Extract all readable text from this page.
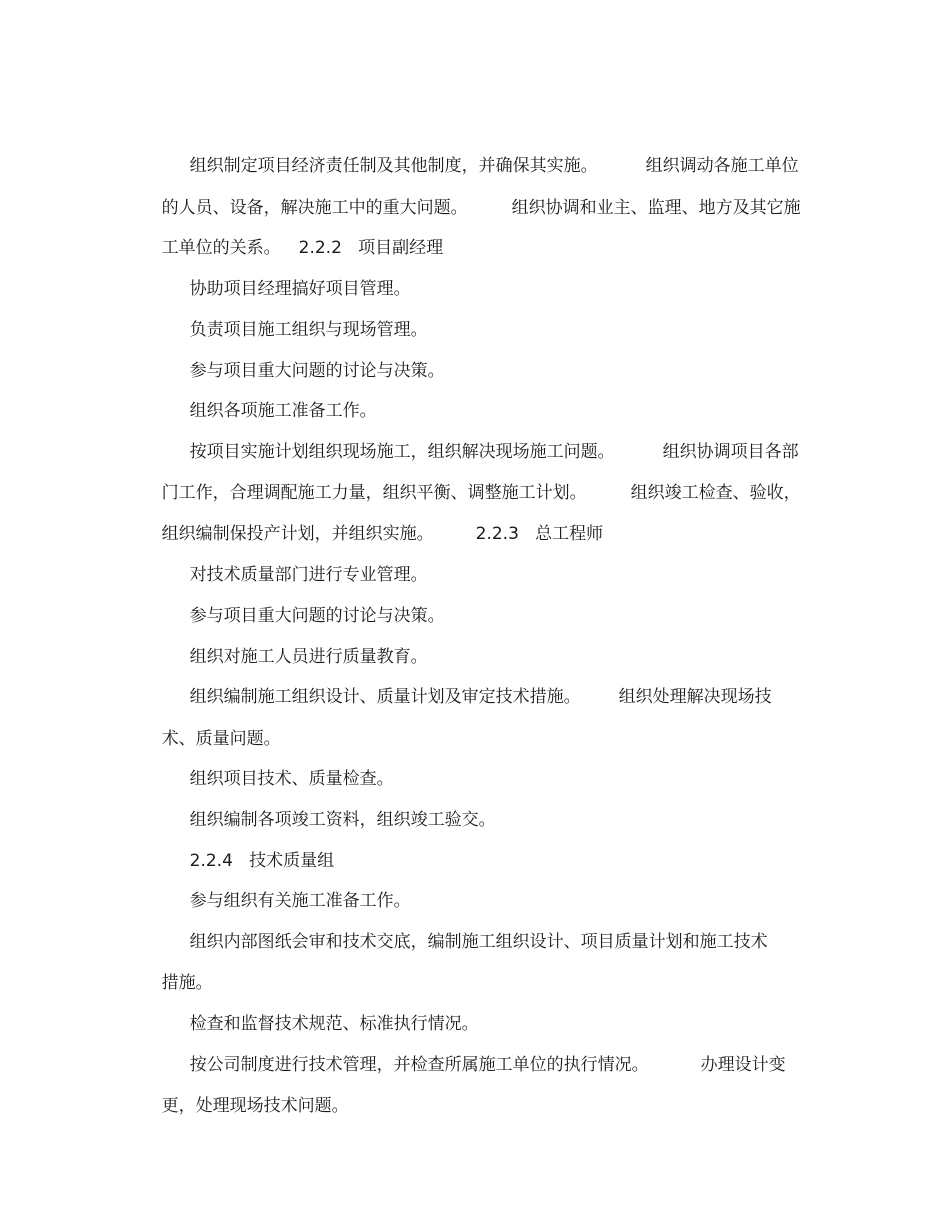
组织制定项目经济责任制及其他制度，并确保其实施。	组织调动各施工单位

的人员、设备，解决施工中的重大问题。	组织协调和业主、监理、地方及其它施

工单位的关系。 2.2.2   项目副经理

协助项目经理搞好项目管理。

负责项目施工组织与现场管理。

参与项目重大问题的讨论与决策。

组织各项施工准备工作。

按项目实施计划组织现场施工，组织解决现场施工问题。	组织协调项目各部

门工作，合理调配施工力量，组织平衡、调整施工计划。	组织竣工检查、验收，

组织编制保投产计划，并组织实施。 2.2.3   总工程师

对技术质量部门进行专业管理。

参与项目重大问题的讨论与决策。

组织对施工人员进行质量教育。

组织编制施工组织设计、质量计划及审定技术措施。 组织处理解决现场技

术、质量问题。

组织项目技术、质量检查。

组织编制各项竣工资料，组织竣工验交。

2.2.4   技术质量组

参与组织有关施工准备工作。

组织内部图纸会审和技术交底，编制施工组织设计、项目质量计划和施工技术

措施。

检查和监督技术规范、标准执行情况。

按公司制度进行技术管理，并检查所属施工单位的执行情况。	办理设计变

更，处理现场技术问题。
